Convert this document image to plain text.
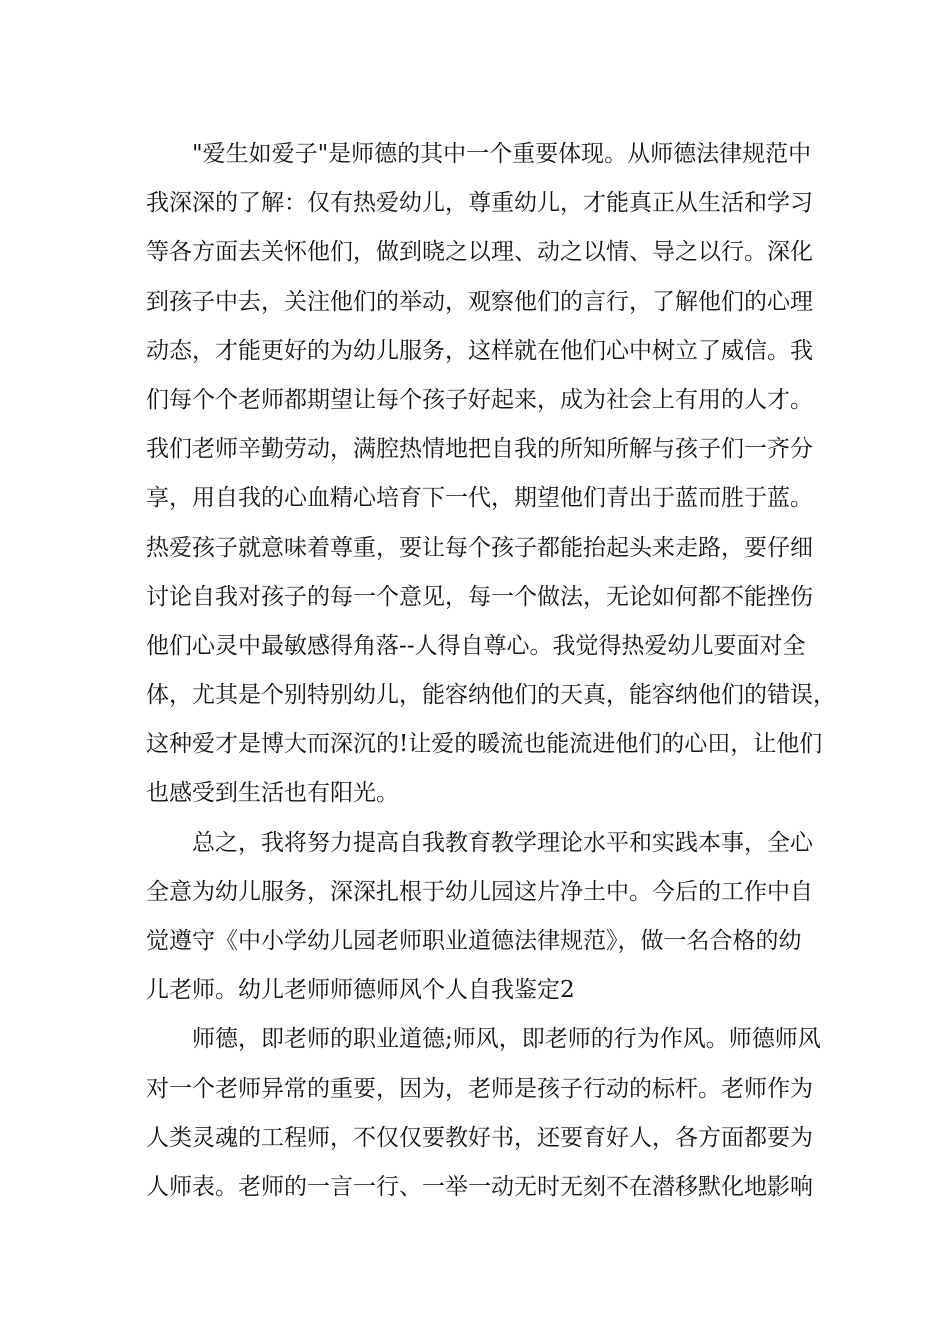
"爱生如爱子"是师德的其中一个重要体现。从师德法律规范中
我深深的了解：仅有热爱幼儿，尊重幼儿，才能真正从生活和学习
等各方面去关怀他们，做到晓之以理、动之以情、导之以行。深化
到孩子中去，关注他们的举动，观察他们的言行，了解他们的心理
动态，才能更好的为幼儿服务，这样就在他们心中树立了威信。我
们每个个老师都期望让每个孩子好起来，成为社会上有用的人才。
我们老师辛勤劳动，满腔热情地把自我的所知所解与孩子们一齐分
享，用自我的心血精心培育下一代，期望他们青出于蓝而胜于蓝。
热爱孩子就意味着尊重，要让每个孩子都能抬起头来走路，要仔细
讨论自我对孩子的每一个意见，每一个做法，无论如何都不能挫伤
他们心灵中最敏感得角落--人得自尊心。我觉得热爱幼儿要面对全
体，尤其是个别特别幼儿，能容纳他们的天真，能容纳他们的错误，
这种爱才是博大而深沉的!让爱的暖流也能流进他们的心田，让他们
也感受到生活也有阳光。
总之，我将努力提高自我教育教学理论水平和实践本事，全心
全意为幼儿服务，深深扎根于幼儿园这片净土中。今后的工作中自
觉遵守《中小学幼儿园老师职业道德法律规范》，做一名合格的幼
儿老师。幼儿老师师德师风个人自我鉴定2
师德，即老师的职业道德;师风，即老师的行为作风。师德师风
对一个老师异常的重要，因为，老师是孩子行动的标杆。老师作为
人类灵魂的工程师，不仅仅要教好书，还要育好人，各方面都要为
人师表。老师的一言一行、一举一动无时无刻不在潜移默化地影响
